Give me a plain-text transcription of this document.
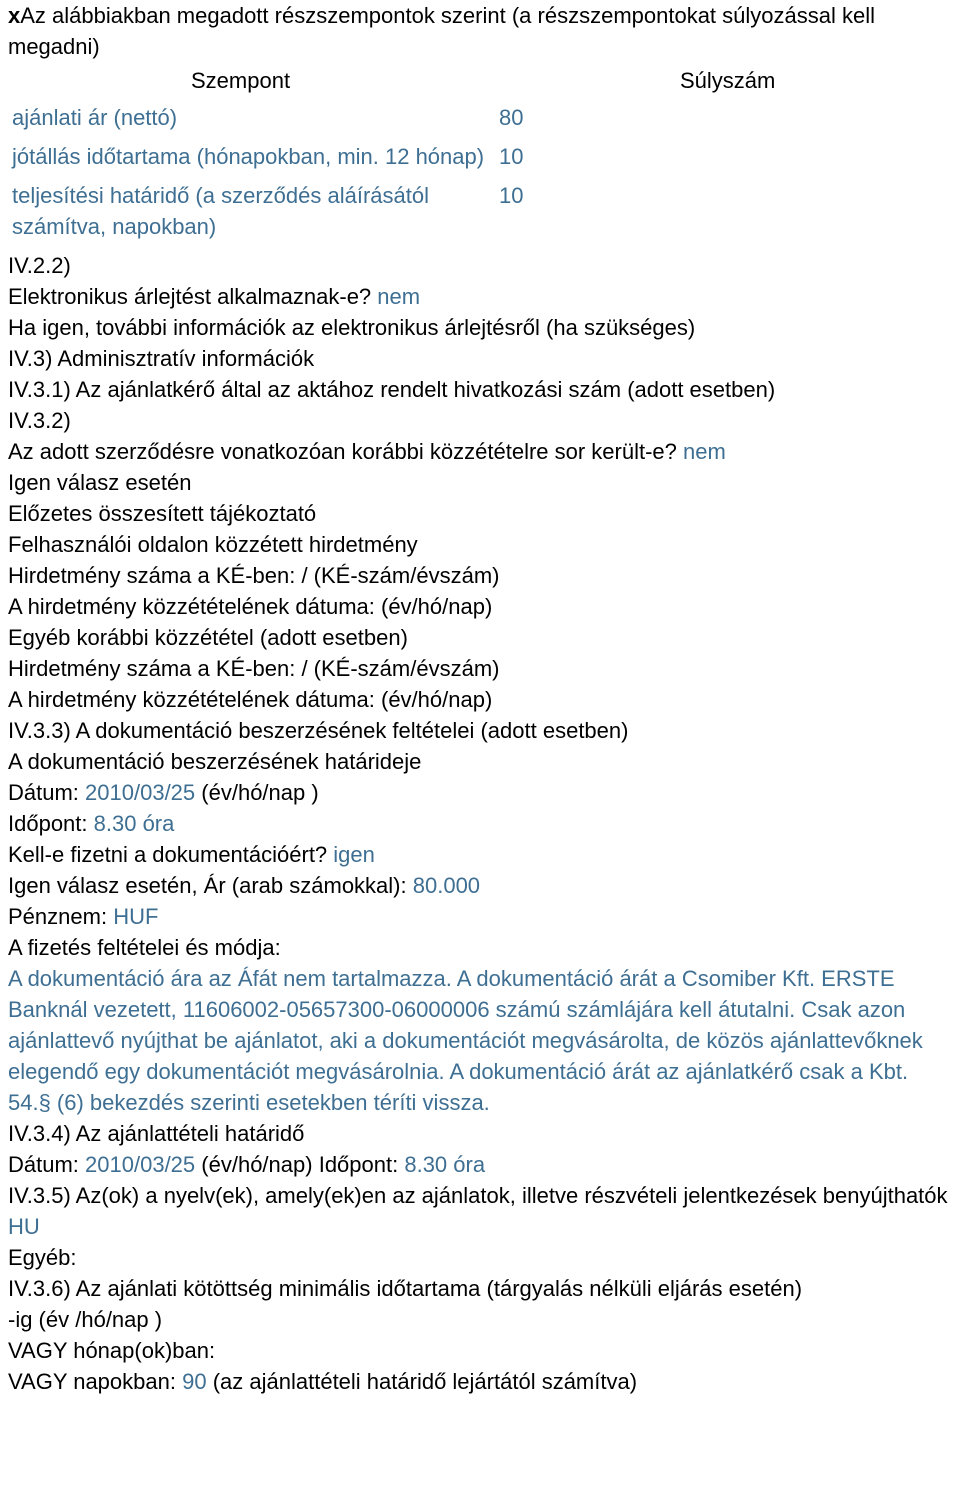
xAz alábbiakban megadott részszempontok szerint (a részszempontokat súlyozással kell megadni)

Szempont	Súlyszám
ajánlati ár (nettó)	80
jótállás időtartama (hónapokban, min. 12 hónap)	10
teljesítési határidő (a szerződés aláírásától számítva, napokban)	10
IV.2.2)
Elektronikus árlejtést alkalmaznak-e? nem
Ha igen, további információk az elektronikus árlejtésről (ha szükséges)
IV.3) Adminisztratív információk
IV.3.1) Az ajánlatkérő által az aktához rendelt hivatkozási szám (adott esetben)
IV.3.2)
Az adott szerződésre vonatkozóan korábbi közzétételre sor került-e? nem
Igen válasz esetén
Előzetes összesített tájékoztató
Felhasználói oldalon közzétett hirdetmény
Hirdetmény száma a KÉ-ben: / (KÉ-szám/évszám)
A hirdetmény közzétételének dátuma: (év/hó/nap)
Egyéb korábbi közzététel (adott esetben)
Hirdetmény száma a KÉ-ben: / (KÉ-szám/évszám)
A hirdetmény közzétételének dátuma: (év/hó/nap)
IV.3.3) A dokumentáció beszerzésének feltételei (adott esetben)
A dokumentáció beszerzésének határideje
Dátum: 2010/03/25 (év/hó/nap )
Időpont: 8.30 óra
Kell-e fizetni a dokumentációért? igen
Igen válasz esetén, Ár (arab számokkal): 80.000
Pénznem: HUF
A fizetés feltételei és módja:
A dokumentáció ára az Áfát nem tartalmazza. A dokumentáció árát a Csomiber Kft. ERSTE Banknál vezetett, 11606002-05657300-06000006 számú számlájára kell átutalni. Csak azon ajánlattevő nyújthat be ajánlatot, aki a dokumentációt megvásárolta, de közös ajánlattevőknek elegendő egy dokumentációt megvásárolnia. A dokumentáció árát az ajánlatkérő csak a Kbt. 54.§ (6) bekezdés szerinti esetekben téríti vissza.
IV.3.4) Az ajánlattételi határidő
Dátum: 2010/03/25 (év/hó/nap) Időpont: 8.30 óra
IV.3.5) Az(ok) a nyelv(ek), amely(ek)en az ajánlatok, illetve részvételi jelentkezések benyújthatók
HU
Egyéb:
IV.3.6) Az ajánlati kötöttség minimális időtartama (tárgyalás nélküli eljárás esetén)
-ig (év /hó/nap )
VAGY hónap(ok)ban:
VAGY napokban: 90 (az ajánlattételi határidő lejártától számítva)
